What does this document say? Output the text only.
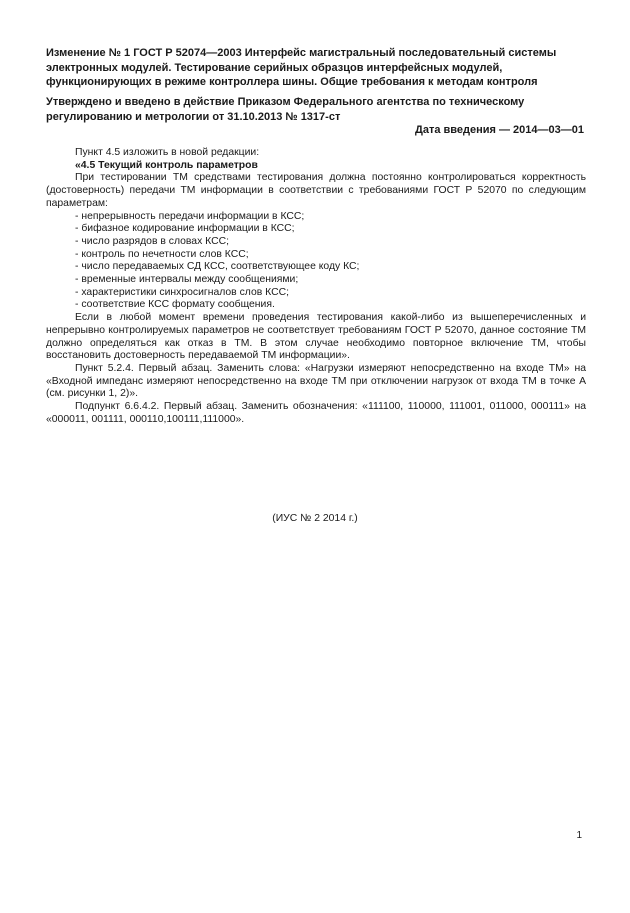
Изменение № 1 ГОСТ Р 52074—2003 Интерфейс магистральный последовательный системы электронных модулей. Тестирование серийных образцов интерфейсных модулей, функционирующих в режиме контроллера шины. Общие требования к методам контроля
Утверждено и введено в действие Приказом Федерального агентства по техническому регулированию и метрологии от 31.10.2013 № 1317-ст
Дата введения — 2014—03—01

Пункт 4.5 изложить в новой редакции:

«4.5 Текущий контроль параметров

При тестировании ТМ средствами тестирования должна постоянно контролироваться корректность (достоверность) передачи ТМ информации в соответствии с требованиями ГОСТ Р 52070 по следующим параметрам:

- непрерывность передачи информации в КСС;

- бифазное кодирование информации в КСС;

- число разрядов в словах КСС;

- контроль по нечетности слов КСС;

- число передаваемых СД КСС, соответствующее коду КС;

- временные интервалы между сообщениями;

- характеристики синхросигналов слов КСС;

- соответствие КСС формату сообщения.

Если в любой момент времени проведения тестирования какой-либо из вышеперечисленных и непрерывно контролируемых параметров не соответствует требованиям ГОСТ Р 52070, данное состояние ТМ должно определяться как отказ в ТМ. В этом случае необходимо повторное включение ТМ, чтобы восстановить достоверность передаваемой ТМ информации».

Пункт 5.2.4. Первый абзац. Заменить слова: «Нагрузки измеряют непосредственно на входе ТМ» на «Входной импеданс измеряют непосредственно на входе ТМ при отключении нагрузок от входа ТМ в точке А (см. рисунки 1, 2)».

Подпункт 6.6.4.2. Первый абзац. Заменить обозначения: «111100, 110000, 111001, 011000, 000111» на «000011, 001111, 000110,100111,111000».

(ИУС № 2 2014 г.)
1
